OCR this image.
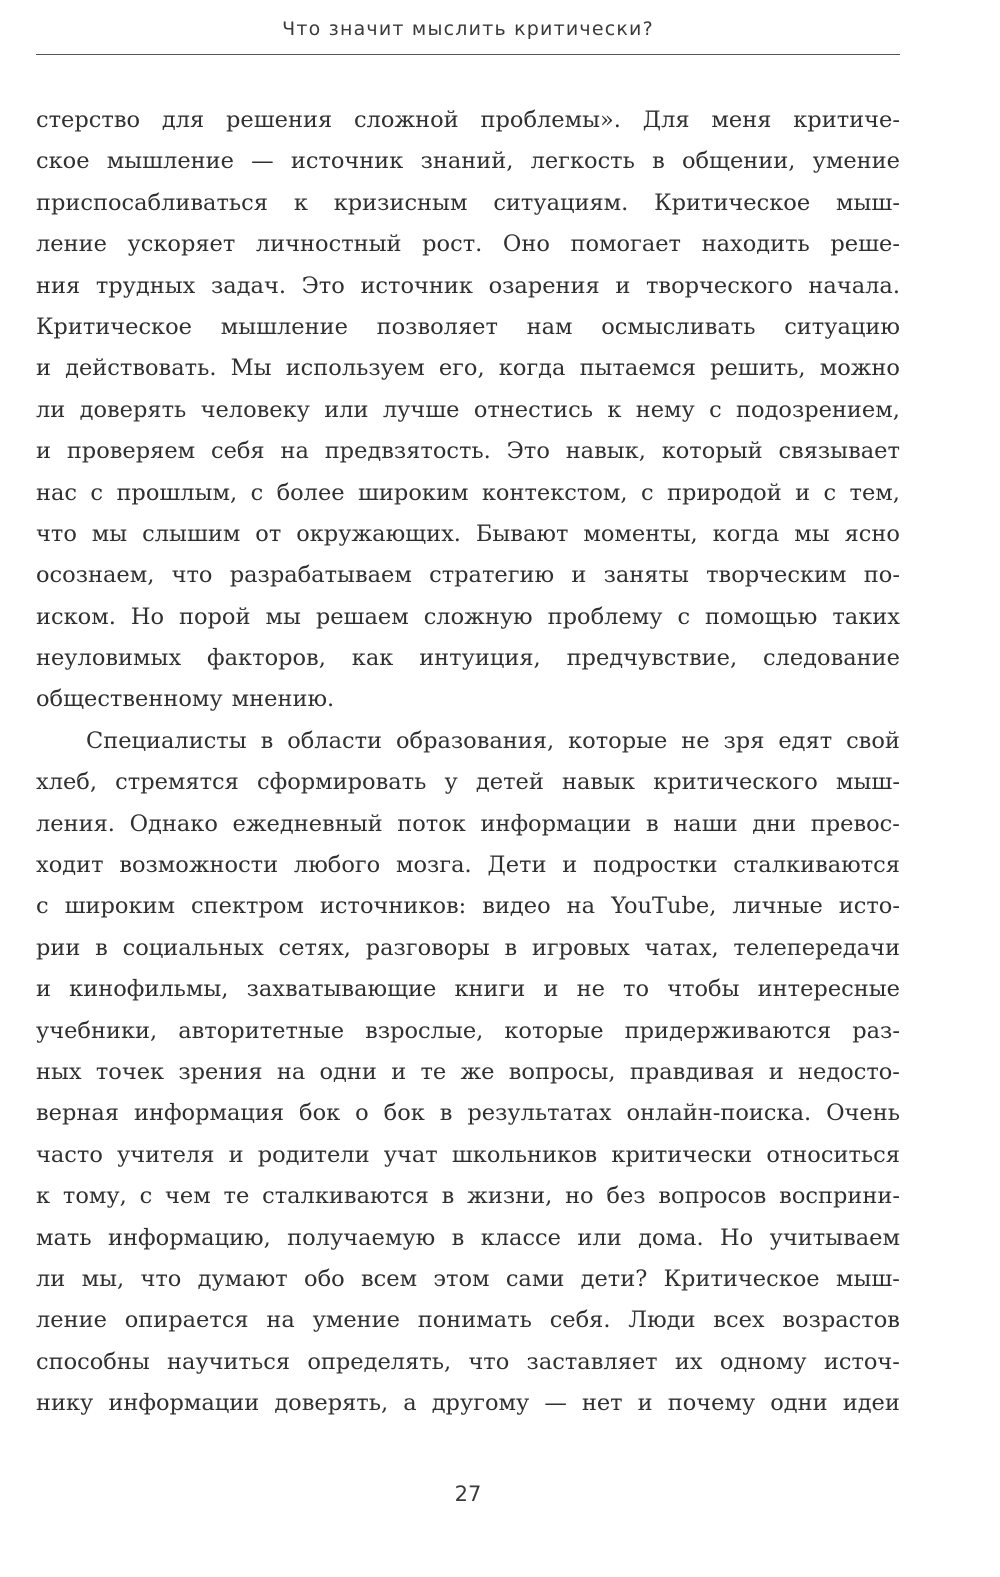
Что значит мыслить критически?
стерство для решения сложной проблемы». Для меня критиче-
ское мышление — источник знаний, легкость в общении, умение
приспосабливаться к кризисным ситуациям. Критическое мыш-
ление ускоряет личностный рост. Оно помогает находить реше-
ния трудных задач. Это источник озарения и творческого начала.
Критическое мышление позволяет нам осмысливать ситуацию
и действовать. Мы используем его, когда пытаемся решить, можно
ли доверять человеку или лучше отнестись к нему с подозрением,
и проверяем себя на предвзятость. Это навык, который связывает
нас с прошлым, с более широким контекстом, с природой и с тем,
что мы слышим от окружающих. Бывают моменты, когда мы ясно
осознаем, что разрабатываем стратегию и заняты творческим по-
иском. Но порой мы решаем сложную проблему с помощью таких
неуловимых факторов, как интуиция, предчувствие, следование
общественному мнению.
Специалисты в области образования, которые не зря едят свой
хлеб, стремятся сформировать у детей навык критического мыш-
ления. Однако ежедневный поток информации в наши дни превос-
ходит возможности любого мозга. Дети и подростки сталкиваются
с широким спектром источников: видео на YouTube, личные исто-
рии в социальных сетях, разговоры в игровых чатах, телепередачи
и кинофильмы, захватывающие книги и не то чтобы интересные
учебники, авторитетные взрослые, которые придерживаются раз-
ных точек зрения на одни и те же вопросы, правдивая и недосто-
верная информация бок о бок в результатах онлайн-поиска. Очень
часто учителя и родители учат школьников критически относиться
к тому, с чем те сталкиваются в жизни, но без вопросов восприни-
мать информацию, получаемую в классе или дома. Но учитываем
ли мы, что думают обо всем этом сами дети? Критическое мыш-
ление опирается на умение понимать себя. Люди всех возрастов
способны научиться определять, что заставляет их одному источ-
нику информации доверять, а другому — нет и почему одни идеи
27
